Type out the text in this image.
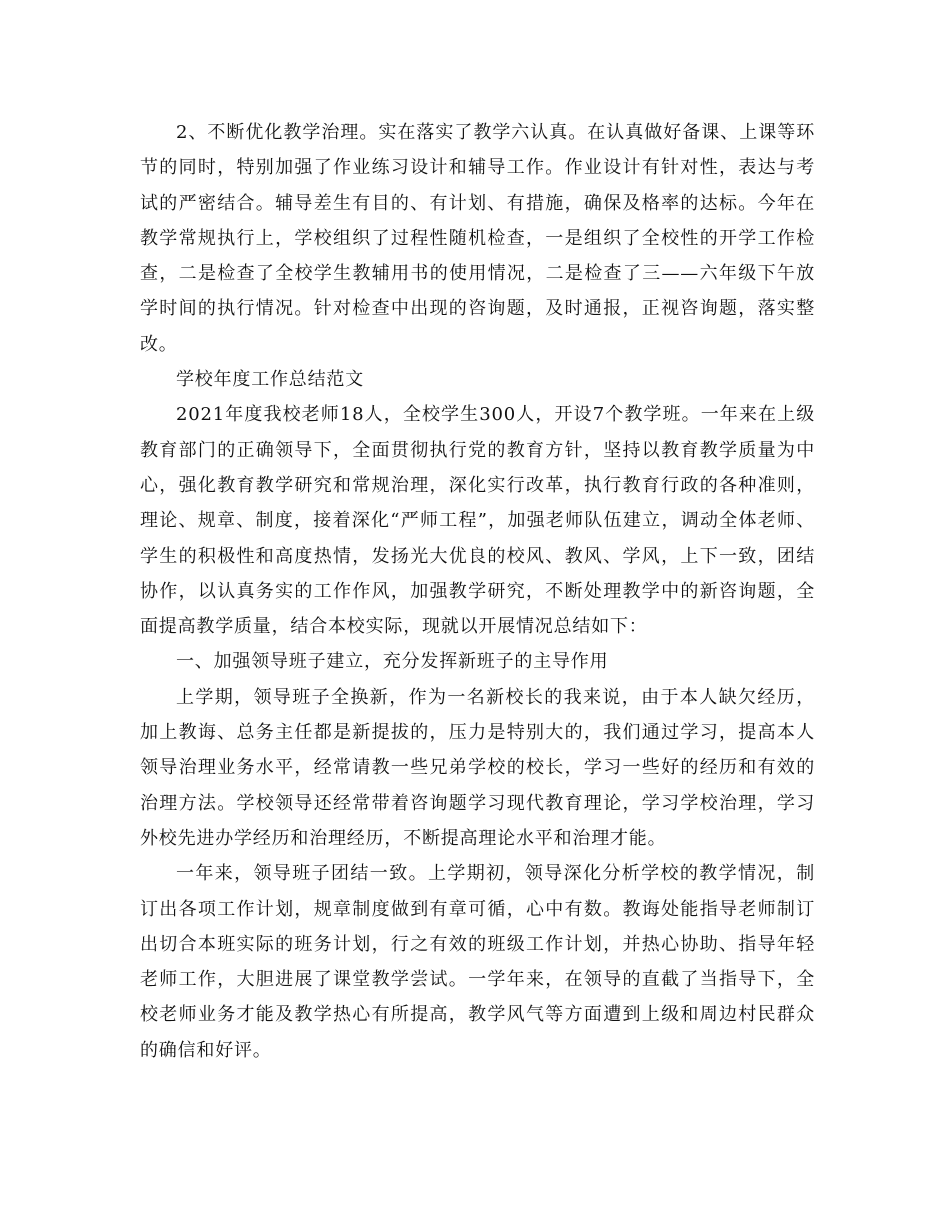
2、不断优化教学治理。实在落实了教学六认真。在认真做好备课、上课等环节的同时，特别加强了作业练习设计和辅导工作。作业设计有针对性，表达与考试的严密结合。辅导差生有目的、有计划、有措施，确保及格率的达标。今年在教学常规执行上，学校组织了过程性随机检查，一是组织了全校性的开学工作检查，二是检查了全校学生教辅用书的使用情况，二是检查了三——六年级下午放学时间的执行情况。针对检查中出现的咨询题，及时通报，正视咨询题，落实整改。

学校年度工作总结范文

2021年度我校老师18人，全校学生300人，开设7个教学班。一年来在上级教育部门的正确领导下，全面贯彻执行党的教育方针，坚持以教育教学质量为中心，强化教育教学研究和常规治理，深化实行改革，执行教育行政的各种准则，理论、规章、制度，接着深化“严师工程”，加强老师队伍建立，调动全体老师、学生的积极性和高度热情，发扬光大优良的校风、教风、学风，上下一致，团结协作，以认真务实的工作作风，加强教学研究，不断处理教学中的新咨询题，全面提高教学质量，结合本校实际，现就以开展情况总结如下：

一、加强领导班子建立，充分发挥新班子的主导作用

上学期，领导班子全换新，作为一名新校长的我来说，由于本人缺欠经历，加上教诲、总务主任都是新提拔的，压力是特别大的，我们通过学习，提高本人领导治理业务水平，经常请教一些兄弟学校的校长，学习一些好的经历和有效的治理方法。学校领导还经常带着咨询题学习现代教育理论，学习学校治理，学习外校先进办学经历和治理经历，不断提高理论水平和治理才能。

一年来，领导班子团结一致。上学期初，领导深化分析学校的教学情况，制订出各项工作计划，规章制度做到有章可循，心中有数。教诲处能指导老师制订出切合本班实际的班务计划，行之有效的班级工作计划，并热心协助、指导年轻老师工作，大胆进展了课堂教学尝试。一学年来，在领导的直截了当指导下，全校老师业务才能及教学热心有所提高，教学风气等方面遭到上级和周边村民群众的确信和好评。
